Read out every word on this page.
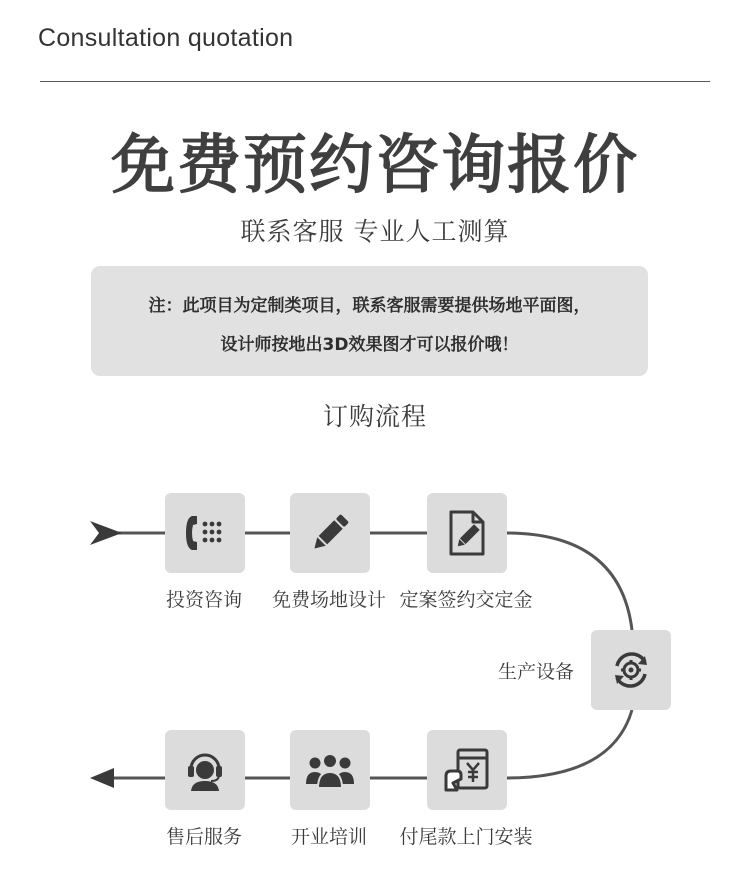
Consultation quotation
免费预约咨询报价
联系客服 专业人工测算
注：此项目为定制类项目，联系客服需要提供场地平面图，
设计师按地出3D效果图才可以报价哦！
订购流程
投资咨询 免费场地设计 定案签约交定金
生产设备
付尾款上门安装
开业培训
售后服务
